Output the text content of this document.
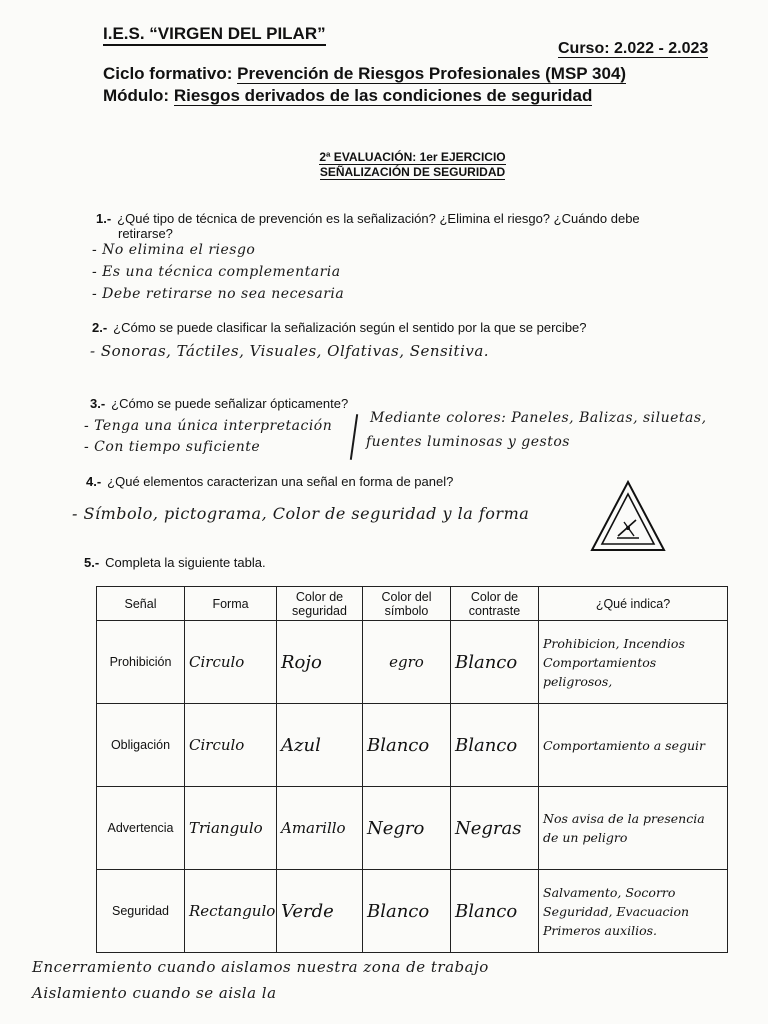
I.E.S. “VIRGEN DEL PILAR”
Curso: 2.022 - 2.023
Ciclo formativo: Prevención de Riesgos Profesionales (MSP 304)
Módulo: Riesgos derivados de las condiciones de seguridad
2ª EVALUACIÓN: 1er EJERCICIO
SEÑALIZACIÓN DE SEGURIDAD
1.- ¿Qué tipo de técnica de prevención es la señalización? ¿Elimina el riesgo? ¿Cuándo debe
retirarse?
- No elimina el riesgo
- Es una técnica complementaria
- Debe retirarse no sea necesaria
2.- ¿Cómo se puede clasificar la señalización según el sentido por la que se percibe?
- Sonoras, Táctiles, Visuales, Olfativas, Sensitiva.
3.- ¿Cómo se puede señalizar ópticamente?
- Tenga una única interpretación
- Con tiempo suficiente
Mediante colores: Paneles, Balizas, siluetas,
fuentes luminosas y gestos
4.- ¿Qué elementos caracterizan una señal en forma de panel?
- Símbolo, pictograma, Color de seguridad y la forma
5.- Completa la siguiente tabla.
Señal	Forma	Color de seguridad	Color del símbolo	Color de contraste	¿Qué indica?
Prohibición	Circulo	Rojo	egro	Blanco	Prohibicion, Incendios Comportamientos peligrosos,
Obligación	Circulo	Azul	Blanco	Blanco	Comportamiento a seguir
Advertencia	Triangulo	Amarillo	Negro	Negras	Nos avisa de la presencia de un peligro
Seguridad	Rectangulo	Verde	Blanco	Blanco	Salvamento, Socorro Seguridad, Evacuacion Primeros auxilios.
Encerramiento cuando aislamos nuestra zona de trabajo
Aislamiento cuando se aisla la
